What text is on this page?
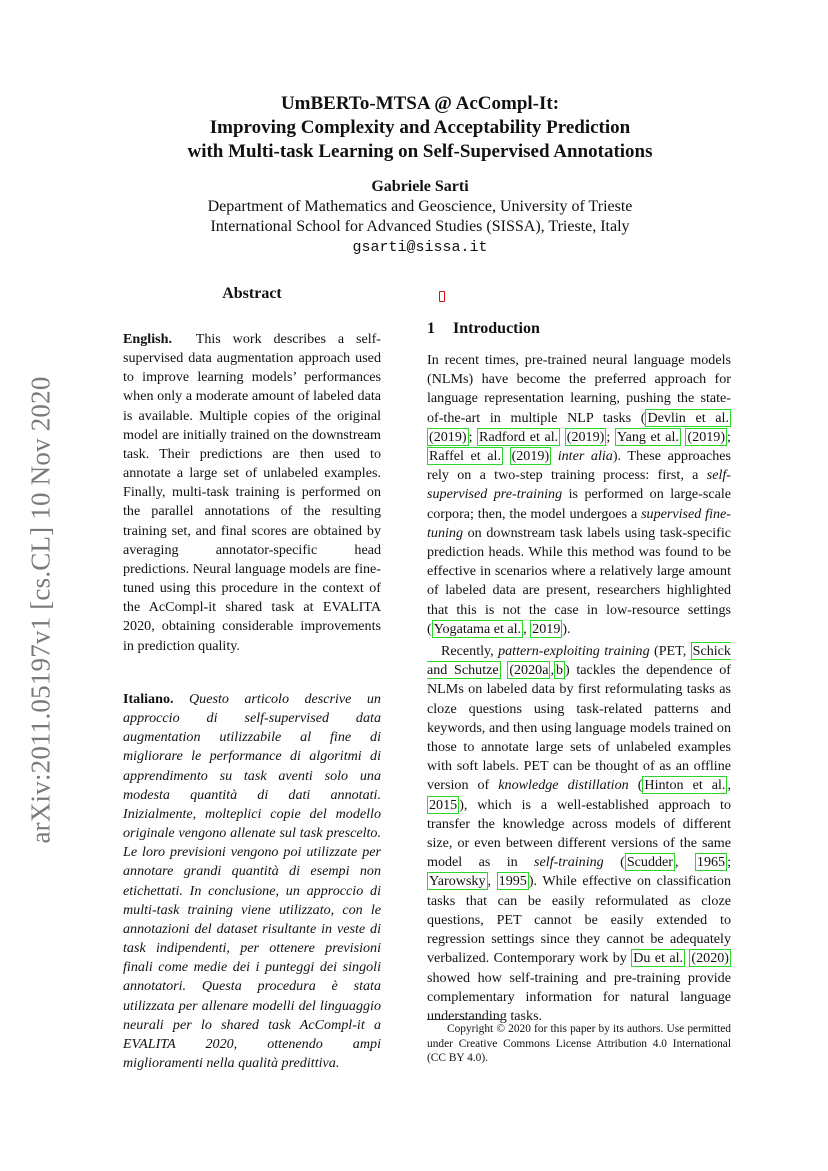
arXiv:2011.05197v1 [cs.CL] 10 Nov 2020
UmBERTo-MTSA @ AcCompl-It:
Improving Complexity and Acceptability Prediction
with Multi-task Learning on Self-Supervised Annotations
Gabriele Sarti
Department of Mathematics and Geoscience, University of Trieste
International School for Advanced Studies (SISSA), Trieste, Italy
gsarti@sissa.it
Abstract

English. This work describes a self-supervised data augmentation approach used to improve learning models’ performances when only a moderate amount of labeled data is available. Multiple copies of the original model are initially trained on the downstream task. Their predictions are then used to annotate a large set of unlabeled examples. Finally, multi-task training is performed on the parallel annotations of the resulting training set, and final scores are obtained by averaging annotator-specific head predictions. Neural language models are fine-tuned using this procedure in the context of the AcCompl-it shared task at EVALITA 2020, obtaining considerable improvements in prediction quality.

Italiano. Questo articolo descrive un approccio di self-supervised data augmentation utilizzabile al fine di migliorare le performance di algoritmi di apprendimento su task aventi solo una modesta quantità di dati annotati. Inizialmente, molteplici copie del modello originale vengono allenate sul task prescelto. Le loro previsioni vengono poi utilizzate per annotare grandi quantità di esempi non etichettati. In conclusione, un approccio di multi-task training viene utilizzato, con le annotazioni del dataset risultante in veste di task indipendenti, per ottenere previsioni finali come medie dei i punteggi dei singoli annotatori. Questa procedura è stata utilizzata per allenare modelli del linguaggio neurali per lo shared task AcCompl-it a EVALITA 2020, ottenendo ampi miglioramenti nella qualità predittiva.

1 Introduction

In recent times, pre-trained neural language models (NLMs) have become the preferred approach for language representation learning, pushing the state-of-the-art in multiple NLP tasks ( Devlin et al. (2019) ; Radford et al. (2019) ; Yang et al. (2019) ; Raffel et al. (2019) inter alia). These approaches rely on a two-step training process: first, a self-supervised pre-training is performed on large-scale corpora; then, the model undergoes a supervised fine-tuning on downstream task labels using task-specific prediction heads. While this method was found to be effective in scenarios where a relatively large amount of labeled data are present, researchers highlighted that this is not the case in low-resource settings ( Yogatama et al. , 2019 ).

Recently, pattern-exploiting training (PET, Schick and Schutze (2020a , b ) tackles the dependence of NLMs on labeled data by first reformulating tasks as cloze questions using task-related patterns and keywords, and then using language models trained on those to annotate large sets of unlabeled examples with soft labels. PET can be thought of as an offline version of knowledge distillation ( Hinton et al. , 2015 ), which is a well-established approach to transfer the knowledge across models of different size, or even between different versions of the same model as in self-training ( Scudder , 1965 ; Yarowsky , 1995 ). While effective on classification tasks that can be easily reformulated as cloze questions, PET cannot be easily extended to regression settings since they cannot be adequately verbalized. Contemporary work by Du et al. (2020) showed how self-training and pre-training provide complementary information for natural language understanding tasks.

Copyright © 2020 for this paper by its authors. Use permitted under Creative Commons License Attribution 4.0 International (CC BY 4.0).
